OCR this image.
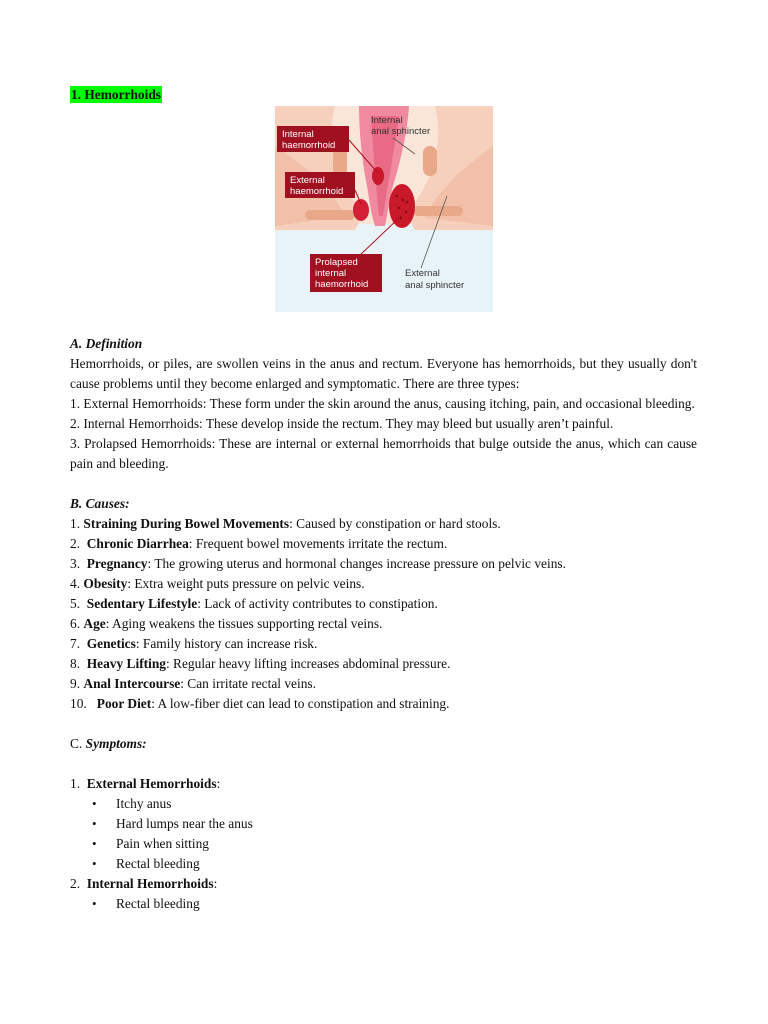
1. Hemorrhoids
Internal
haemorrhoid
External
haemorrhoid
Prolapsed
internal
haemorrhoid
Internal
anal sphincter
External
anal sphincter

A. Definition

Hemorrhoids, or piles, are swollen veins in the anus and rectum. Everyone has hemorrhoids, but they usually don't cause problems until they become enlarged and symptomatic. There are three types:

1. External Hemorrhoids: These form under the skin around the anus, causing itching, pain, and occasional bleeding.

2. Internal Hemorrhoids: These develop inside the rectum. They may bleed but usually aren’t painful.

3. Prolapsed Hemorrhoids: These are internal or external hemorrhoids that bulge outside the anus, which can cause pain and bleeding.

B. Causes:

1. Straining During Bowel Movements: Caused by constipation or hard stools.

2.  Chronic Diarrhea: Frequent bowel movements irritate the rectum.

3.  Pregnancy: The growing uterus and hormonal changes increase pressure on pelvic veins.

4. Obesity: Extra weight puts pressure on pelvic veins.

5.  Sedentary Lifestyle: Lack of activity contributes to constipation.

6. Age: Aging weakens the tissues supporting rectal veins.

7.  Genetics: Family history can increase risk.

8.  Heavy Lifting: Regular heavy lifting increases abdominal pressure.

9. Anal Intercourse: Can irritate rectal veins.

10.   Poor Diet: A low-fiber diet can lead to constipation and straining.

C. Symptoms:

1.  External Hemorrhoids:

• Itchy anus
• Hard lumps near the anus
• Pain when sitting
• Rectal bleeding

2.  Internal Hemorrhoids:

• Rectal bleeding
